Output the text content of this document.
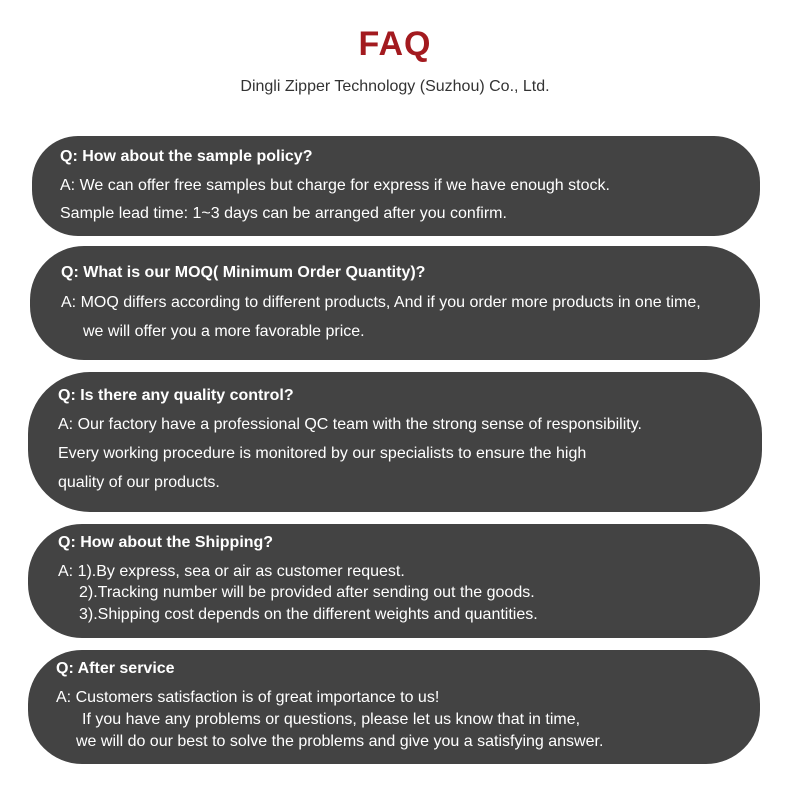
FAQ
Dingli Zipper Technology (Suzhou) Co., Ltd.
Q: How about the sample policy?
A: We can offer free samples but charge for express if we have enough stock.
Sample lead time: 1~3 days can be arranged after you confirm.
Q: What is our MOQ( Minimum Order Quantity)?
A: MOQ differs according to different products, And if you order more products in one time,
we will offer you a more favorable price.
Q: Is there any quality control?
A: Our factory have a professional QC team with the strong sense of responsibility.
Every working procedure is monitored by our specialists to ensure the high
quality of our products.
Q: How about the Shipping?
A: 1).By express, sea or air as customer request.
2).Tracking number will be provided after sending out the goods.
3).Shipping cost depends on the different weights and quantities.
Q: After service
A: Customers satisfaction is of great importance to us!
If you have any problems or questions, please let us know that in time,
we will do our best to solve the problems and give you a satisfying answer.
